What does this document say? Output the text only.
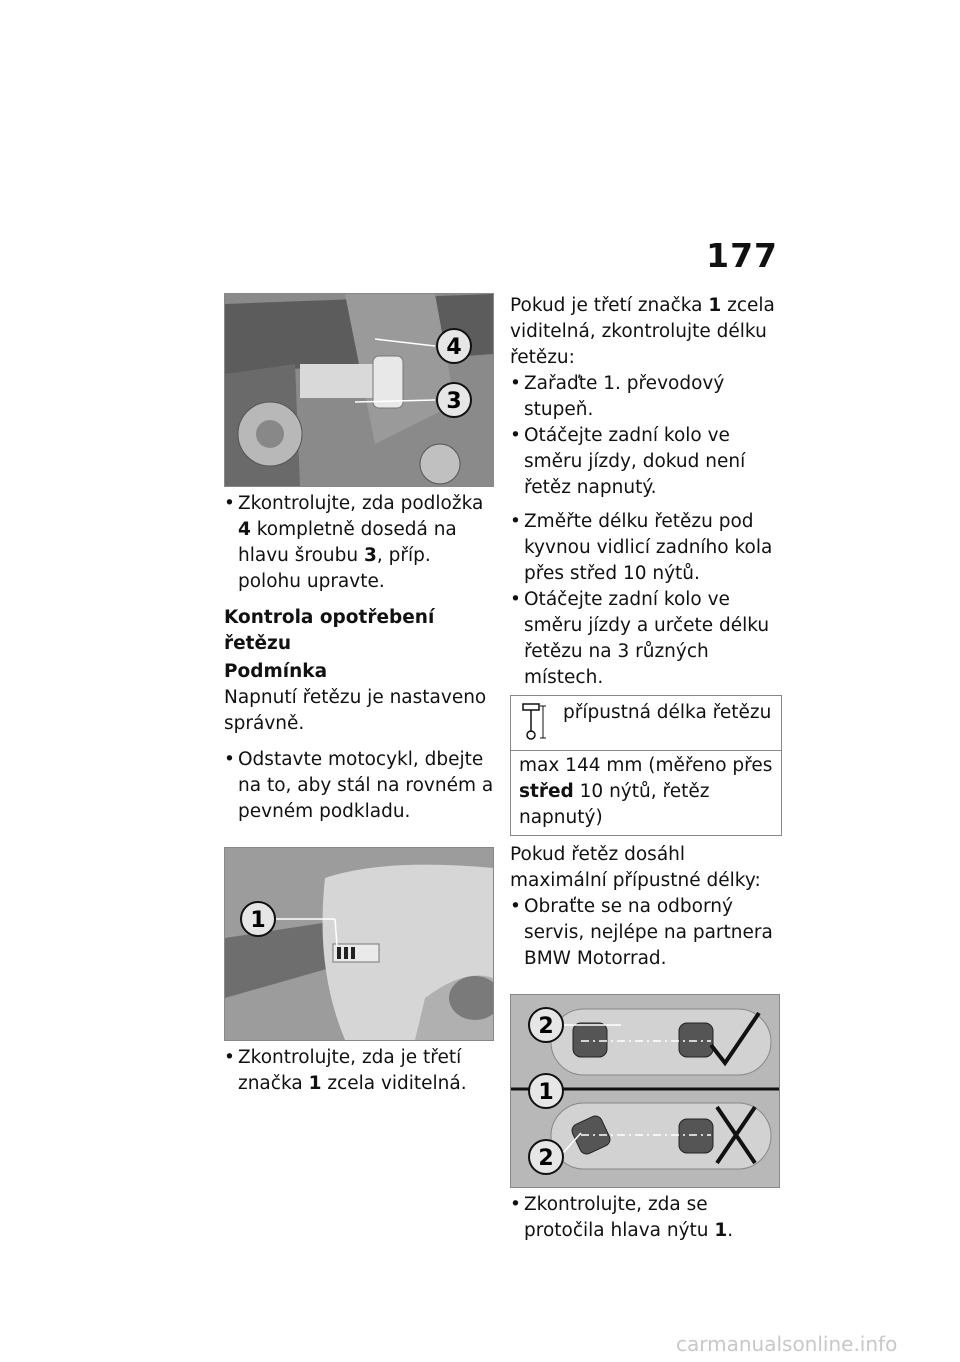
177
4
3

• Zkontrolujte, zda podložka 4 kompletně dosedá na hlavu šroubu 3, příp. polohu upravte.

Kontrola opotřebení řetězu

Podmínka

Napnutí řetězu je nastaveno správně.

• Odstavte motocykl, dbejte na to, aby stál na rovném a pevném podkladu.

1

• Zkontrolujte, zda je třetí značka 1 zcela viditelná.

Pokud je třetí značka 1 zcela viditelná, zkontrolujte délku řetězu:

• Zařaďte 1. převodový stupeň.

• Otáčejte zadní kolo ve směru jízdy, dokud není řetěz napnutý.

• Změřte délku řetězu pod kyvnou vidlicí zadního kola přes střed 10 nýtů.

• Otáčejte zadní kolo ve směru jízdy a určete délku řetězu na 3 různých místech.

přípustná délka řetězu
max 144 mm (měřeno přes střed 10 nýtů, řetěz napnutý)

Pokud řetěz dosáhl maximální přípustné délky:

• Obraťte se na odborný servis, nejlépe na partnera BMW Motorrad.

2
1
2

• Zkontrolujte, zda se protočila hlava nýtu 1.

carmanualsonline.info
